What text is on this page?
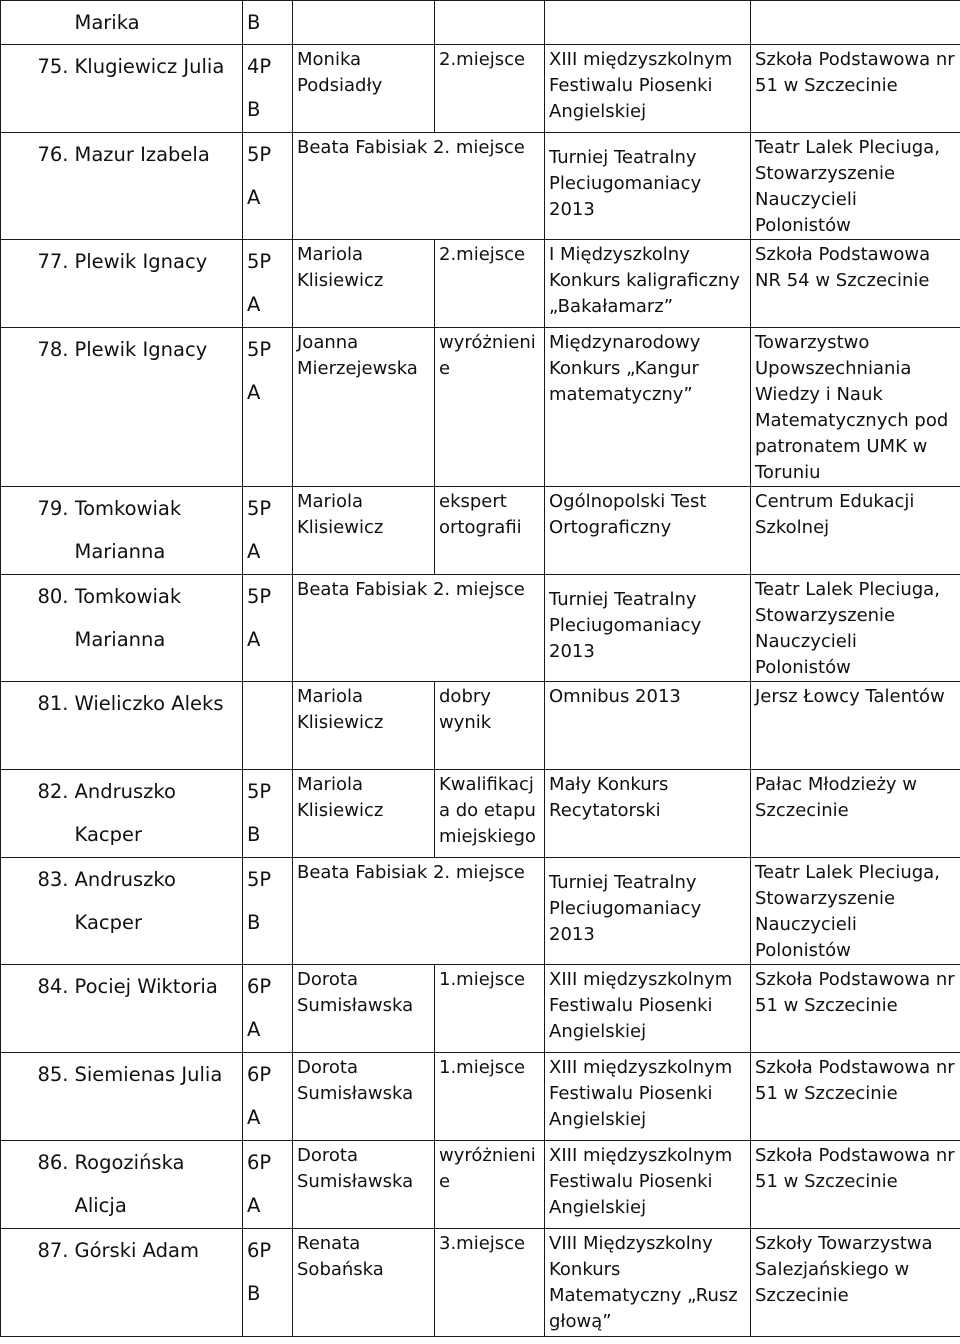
	Marika	B				
75.	Klugiewicz Julia	4P B	Monika Podsiadły	2.miejsce	XIII międzyszkolnym Festiwalu Piosenki Angielskiej	Szkoła Podstawowa nr 51 w Szczecinie
76.	Mazur Izabela	5P A	Beata Fabisiak 2. miejsce		Turniej Teatralny Pleciugomaniacy 2013	Teatr Lalek Pleciuga, Stowarzyszenie Nauczycieli Polonistów
77.	Plewik Ignacy	5P A	Mariola Klisiewicz	2.miejsce	I Międzyszkolny Konkurs kaligraficzny „Bakałamarz”	Szkoła Podstawowa NR 54 w Szczecinie
78.	Plewik Ignacy	5P A	Joanna Mierzejewska	wyróżnieni e	Międzynarodowy Konkurs „Kangur matematyczny”	Towarzystwo Upowszechniania Wiedzy i Nauk Matematycznych pod patronatem UMK w Toruniu
79.	Tomkowiak Marianna	5P A	Mariola Klisiewicz	ekspert ortografii	Ogólnopolski Test Ortograficzny	Centrum Edukacji Szkolnej
80.	Tomkowiak Marianna	5P A	Beata Fabisiak 2. miejsce		Turniej Teatralny Pleciugomaniacy 2013	Teatr Lalek Pleciuga, Stowarzyszenie Nauczycieli Polonistów
81.	Wieliczko Aleks		Mariola Klisiewicz	dobry wynik	Omnibus 2013	Jersz Łowcy Talentów
82.	Andruszko Kacper	5P B	Mariola Klisiewicz	Kwalifikacj a do etapu miejskiego	Mały Konkurs Recytatorski	Pałac Młodzieży w Szczecinie
83.	Andruszko Kacper	5P B	Beata Fabisiak 2. miejsce		Turniej Teatralny Pleciugomaniacy 2013	Teatr Lalek Pleciuga, Stowarzyszenie Nauczycieli Polonistów
84.	Pociej Wiktoria	6P A	Dorota Sumisławska	1.miejsce	XIII międzyszkolnym Festiwalu Piosenki Angielskiej	Szkoła Podstawowa nr 51 w Szczecinie
85.	Siemienas Julia	6P A	Dorota Sumisławska	1.miejsce	XIII międzyszkolnym Festiwalu Piosenki Angielskiej	Szkoła Podstawowa nr 51 w Szczecinie
86.	Rogozińska Alicja	6P A	Dorota Sumisławska	wyróżnieni e	XIII międzyszkolnym Festiwalu Piosenki Angielskiej	Szkoła Podstawowa nr 51 w Szczecinie
87.	Górski Adam	6P B	Renata Sobańska	3.miejsce	VIII Międzyszkolny Konkurs Matematyczny „Rusz głową”	Szkoły Towarzystwa Salezjańskiego w Szczecinie
